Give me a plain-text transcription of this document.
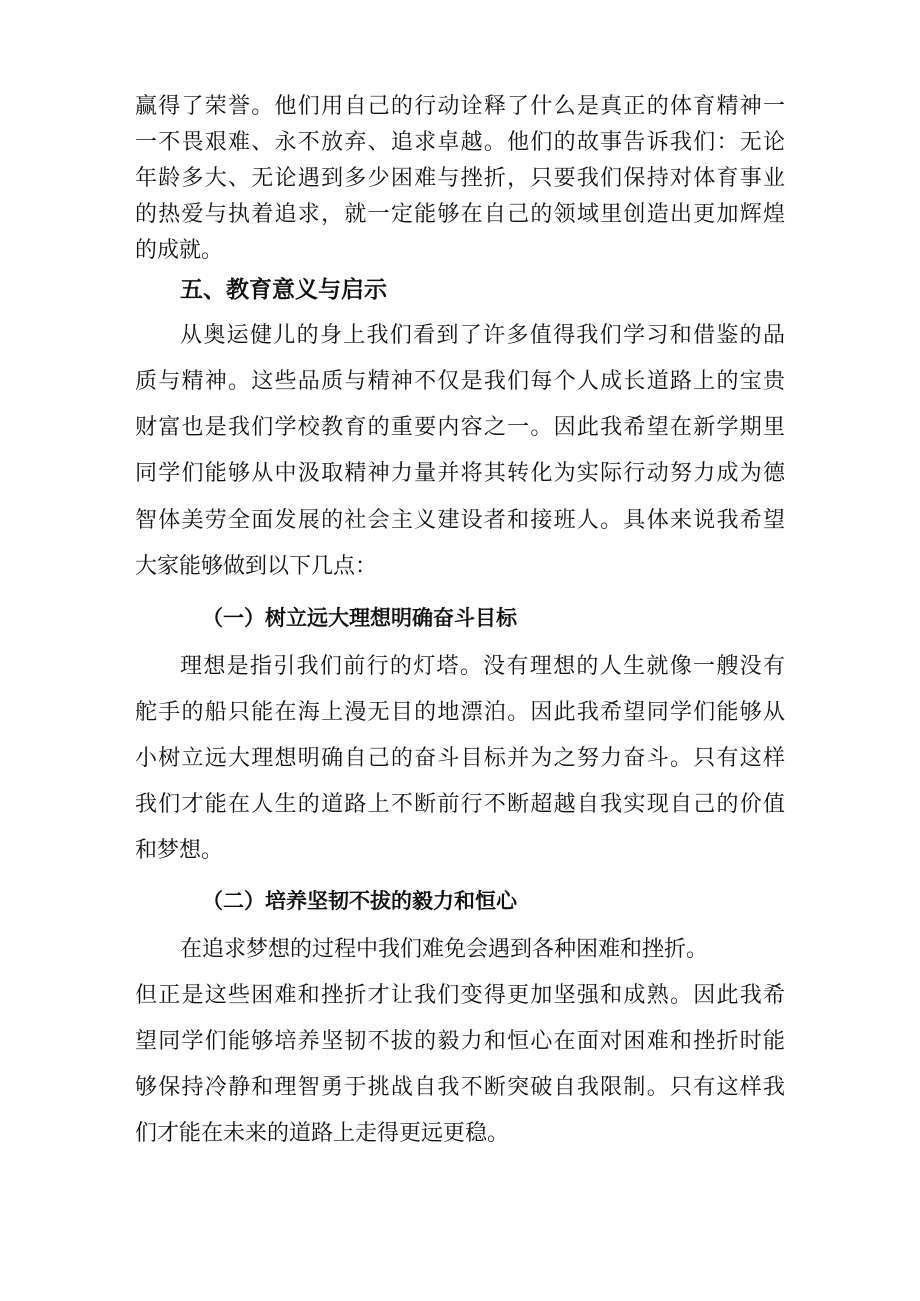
赢得了荣誉。他们用自己的行动诠释了什么是真正的体育精神一

一不畏艰难、永不放弃、追求卓越。他们的故事告诉我们：无论

年龄多大、无论遇到多少困难与挫折，只要我们保持对体育事业

的热爱与执着追求，就一定能够在自己的领域里创造出更加辉煌

的成就。

五、教育意义与启示

从奥运健儿的身上我们看到了许多值得我们学习和借鉴的品

质与精神。这些品质与精神不仅是我们每个人成长道路上的宝贵

财富也是我们学校教育的重要内容之一。因此我希望在新学期里

同学们能够从中汲取精神力量并将其转化为实际行动努力成为德

智体美劳全面发展的社会主义建设者和接班人。具体来说我希望

大家能够做到以下几点：

（一）树立远大理想明确奋斗目标

理想是指引我们前行的灯塔。没有理想的人生就像一艘没有

舵手的船只能在海上漫无目的地漂泊。因此我希望同学们能够从

小树立远大理想明确自己的奋斗目标并为之努力奋斗。只有这样

我们才能在人生的道路上不断前行不断超越自我实现自己的价值

和梦想。

（二）培养坚韧不拔的毅力和恒心

在追求梦想的过程中我们难免会遇到各种困难和挫折。

但正是这些困难和挫折才让我们变得更加坚强和成熟。因此我希

望同学们能够培养坚韧不拔的毅力和恒心在面对困难和挫折时能

够保持冷静和理智勇于挑战自我不断突破自我限制。只有这样我

们才能在未来的道路上走得更远更稳。
